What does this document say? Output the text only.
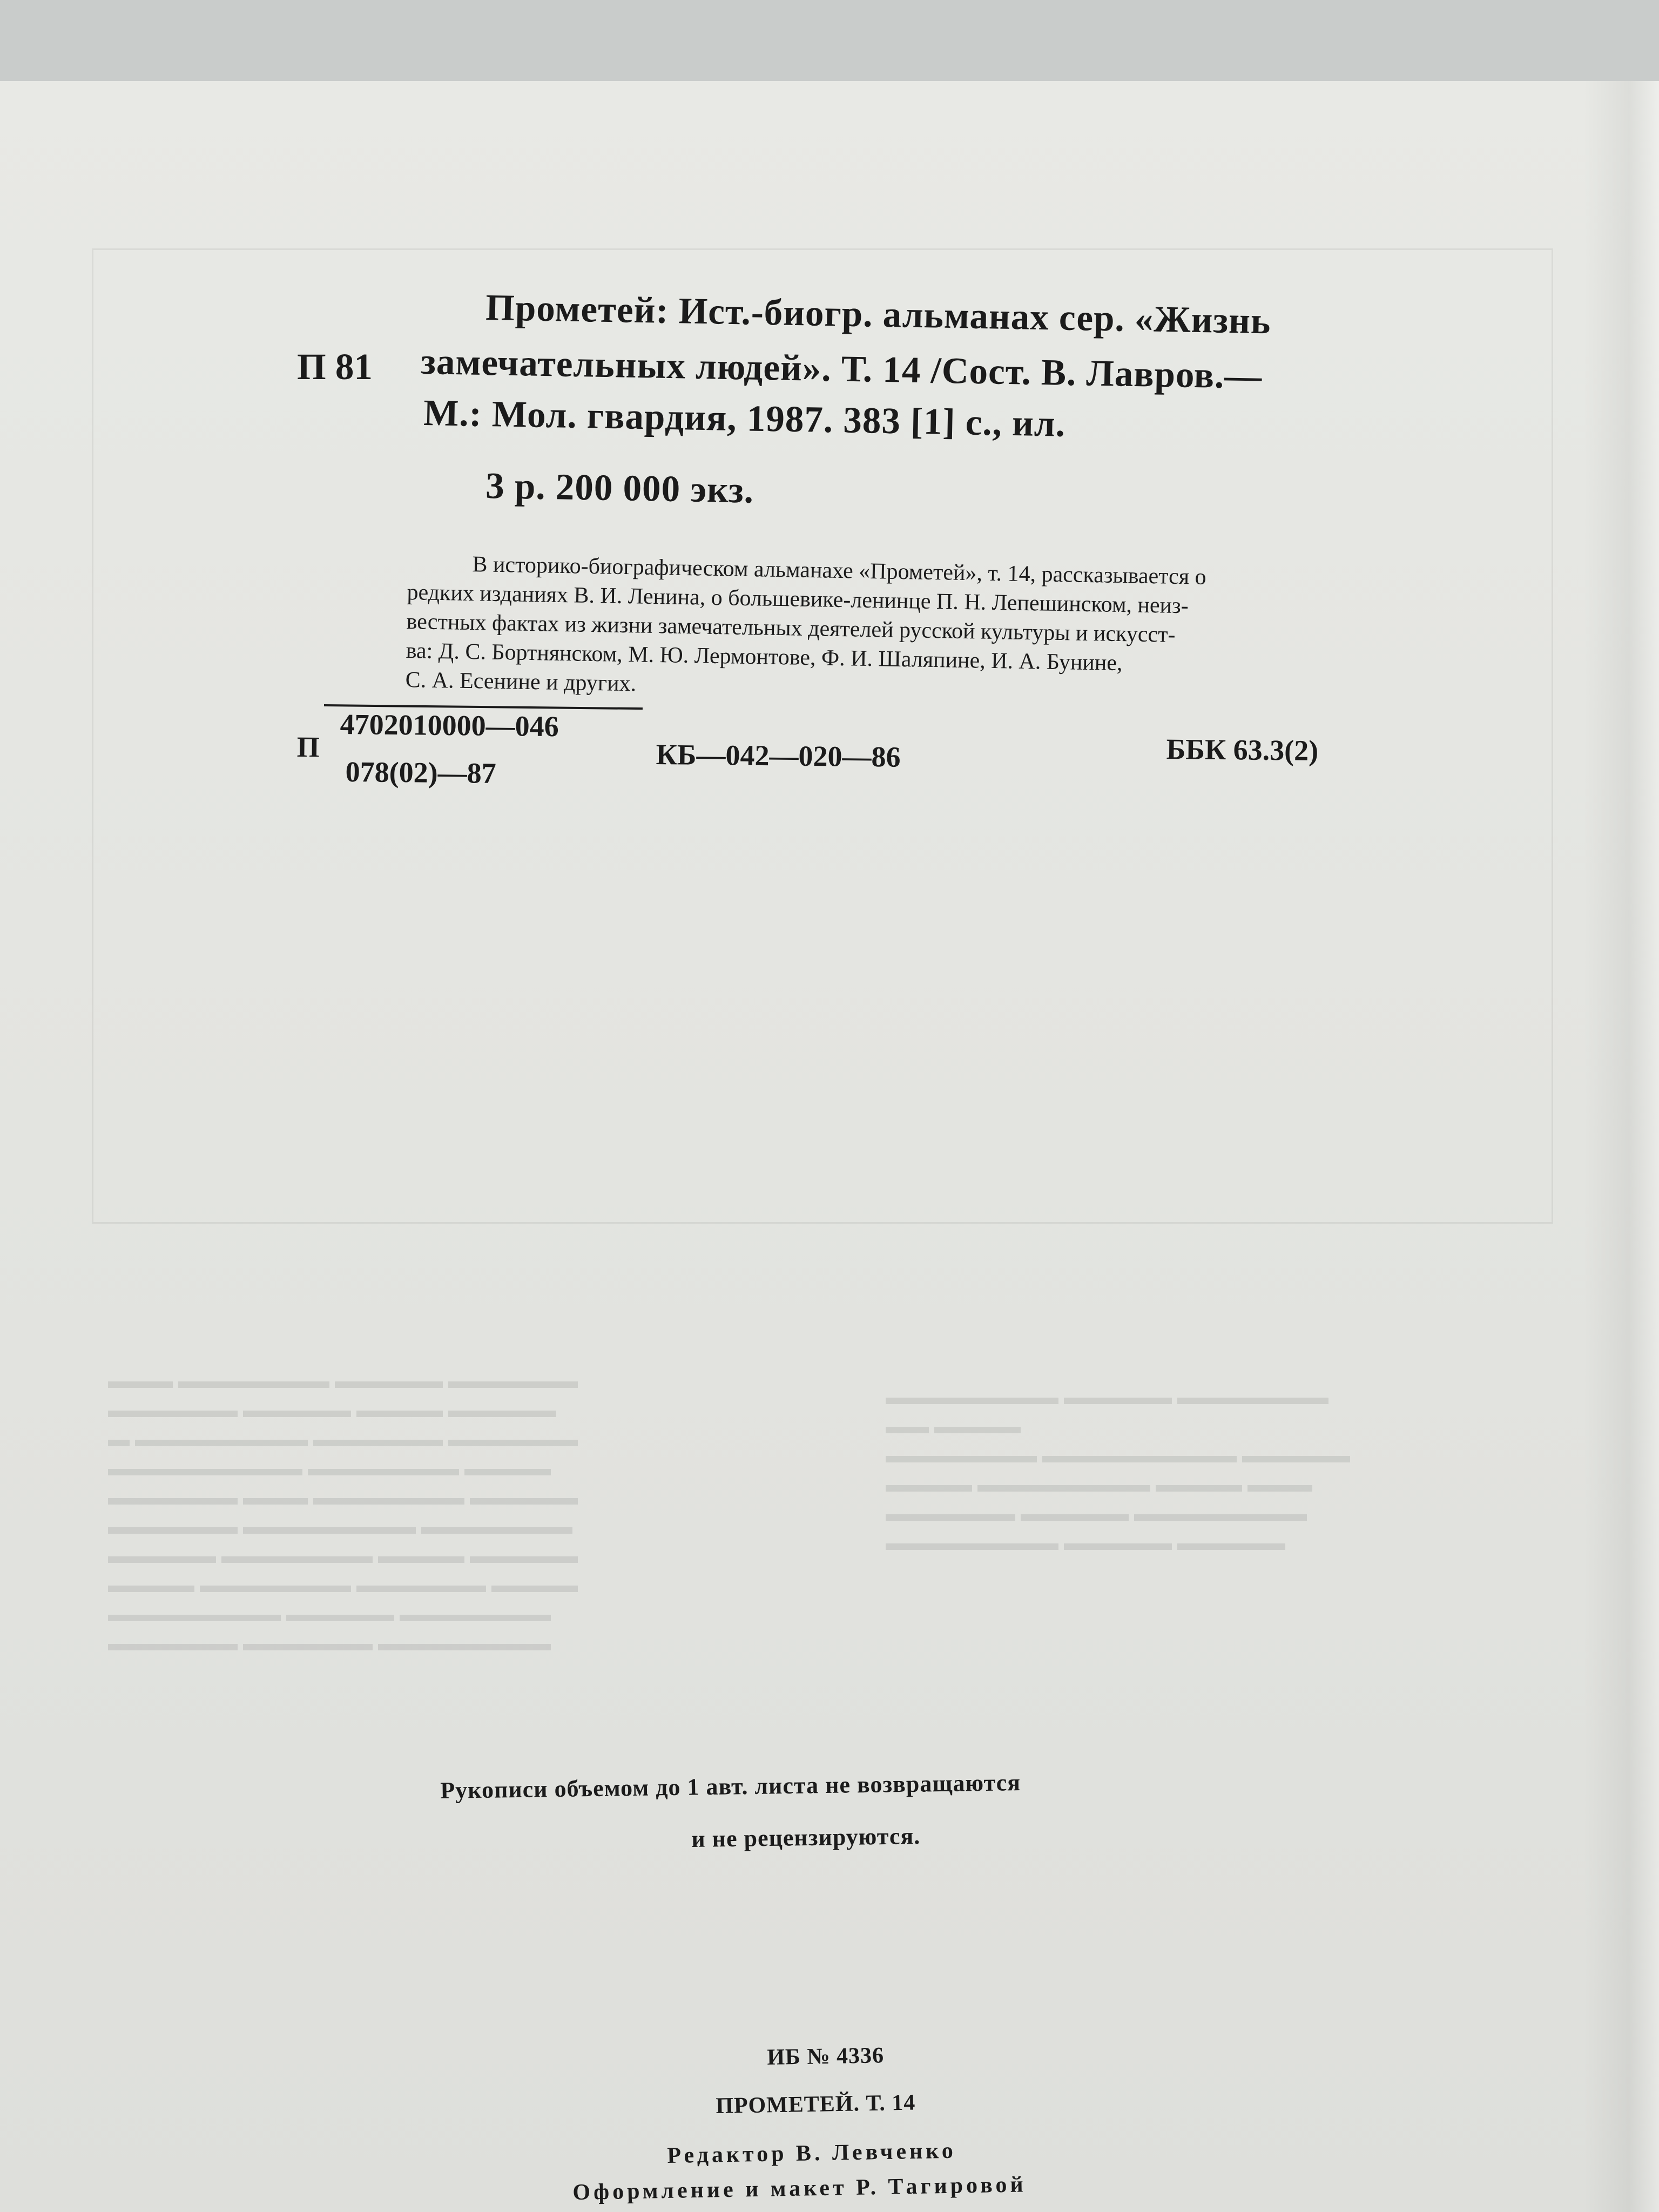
▬▬▬ ▬▬▬▬▬▬▬ ▬▬▬▬▬ ▬▬▬▬▬▬
▬▬▬▬▬▬ ▬▬▬▬▬ ▬▬▬▬ ▬▬▬▬▬
▬ ▬▬▬▬▬▬▬▬ ▬▬▬▬▬▬ ▬▬▬▬▬▬
▬▬▬▬▬▬▬▬▬ ▬▬▬▬▬▬▬ ▬▬▬▬
▬▬▬▬▬▬ ▬▬▬ ▬▬▬▬▬▬▬ ▬▬▬▬▬
▬▬▬▬▬▬ ▬▬▬▬▬▬▬▬ ▬▬▬▬▬▬▬
▬▬▬▬▬ ▬▬▬▬▬▬▬ ▬▬▬▬ ▬▬▬▬▬
▬▬▬▬ ▬▬▬▬▬▬▬ ▬▬▬▬▬▬ ▬▬▬▬
▬▬▬▬▬▬▬▬ ▬▬▬▬▬ ▬▬▬▬▬▬▬
▬▬▬▬▬▬ ▬▬▬▬▬▬ ▬▬▬▬▬▬▬▬
▬▬▬▬▬▬▬▬ ▬▬▬▬▬ ▬▬▬▬▬▬▬
▬▬ ▬▬▬▬
▬▬▬▬▬▬▬ ▬▬▬▬▬▬▬▬▬ ▬▬▬▬▬
▬▬▬▬ ▬▬▬▬▬▬▬▬ ▬▬▬▬ ▬▬▬
▬▬▬▬▬▬ ▬▬▬▬▬ ▬▬▬▬▬▬▬▬
▬▬▬▬▬▬▬▬ ▬▬▬▬▬ ▬▬▬▬▬
Прометей: Ист.-биогр. альманах сер. «Жизнь
П 81 замечательных людей». Т. 14 /Сост. В. Лавров.—
М.: Мол. гвардия, 1987. 383 [1] с., ил.
3 р. 200 000 экз.
В историко-биографическом альманахе «Прометей», т. 14, рассказывается о
редких изданиях В. И. Ленина, о большевике-ленинце П. Н. Лепешинском, неиз-
вестных фактах из жизни замечательных деятелей русской культуры и искусст-
ва: Д. С. Бортнянском, М. Ю. Лермонтове, Ф. И. Шаляпине, И. А. Бунине,
С. А. Есенине и других.
П
4702010000—046
078(02)—87	КБ—042—020—86	ББК 63.3(2)
Рукописи объемом до 1 авт. листа не возвращаются
и не рецензируются.
ИБ № 4336
ПРОМЕТЕЙ. Т. 14
Редактор В. Левченко
Оформление и макет Р. Тагировой
